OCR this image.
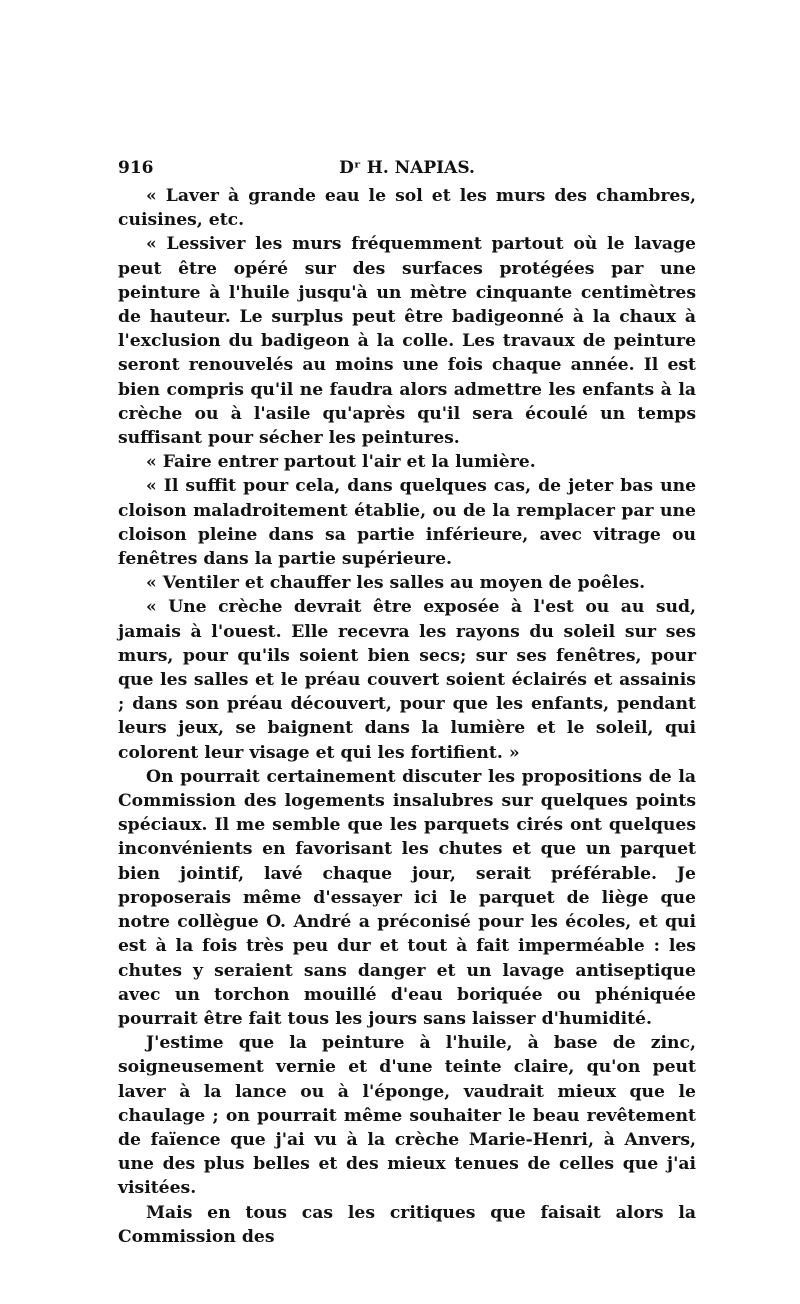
916	Dʳ H. NAPIAS.

« Laver à grande eau le sol et les murs des chambres, cuisines, etc.

« Lessiver les murs fréquemment partout où le lavage peut être opéré sur des surfaces protégées par une peinture à l'huile jusqu'à un mètre cinquante centimètres de hauteur. Le surplus peut être badigeonné à la chaux à l'exclusion du badigeon à la colle. Les travaux de peinture seront renouvelés au moins une fois chaque année. Il est bien compris qu'il ne faudra alors admettre les enfants à la crèche ou à l'asile qu'après qu'il sera écoulé un temps suffisant pour sécher les peintures.

« Faire entrer partout l'air et la lumière.

« Il suffit pour cela, dans quelques cas, de jeter bas une cloison maladroitement établie, ou de la remplacer par une cloison pleine dans sa partie inférieure, avec vitrage ou fenêtres dans la partie supérieure.

« Ventiler et chauffer les salles au moyen de poêles.

« Une crèche devrait être exposée à l'est ou au sud, jamais à l'ouest. Elle recevra les rayons du soleil sur ses murs, pour qu'ils soient bien secs; sur ses fenêtres, pour que les salles et le préau couvert soient éclairés et assainis ; dans son préau découvert, pour que les enfants, pendant leurs jeux, se baignent dans la lumière et le soleil, qui colorent leur visage et qui les fortifient. »

On pourrait certainement discuter les propositions de la Commission des logements insalubres sur quelques points spéciaux. Il me semble que les parquets cirés ont quelques inconvénients en favorisant les chutes et que un parquet bien jointif, lavé chaque jour, serait préférable. Je proposerais même d'essayer ici le parquet de liège que notre collègue O. André a préconisé pour les écoles, et qui est à la fois très peu dur et tout à fait imperméable : les chutes y seraient sans danger et un lavage antiseptique avec un torchon mouillé d'eau boriquée ou phéniquée pourrait être fait tous les jours sans laisser d'humidité.

J'estime que la peinture à l'huile, à base de zinc, soigneusement vernie et d'une teinte claire, qu'on peut laver à la lance ou à l'éponge, vaudrait mieux que le chaulage ; on pourrait même souhaiter le beau revêtement de faïence que j'ai vu à la crèche Marie-Henri, à Anvers, une des plus belles et des mieux tenues de celles que j'ai visitées.

Mais en tous cas les critiques que faisait alors la Commission des
